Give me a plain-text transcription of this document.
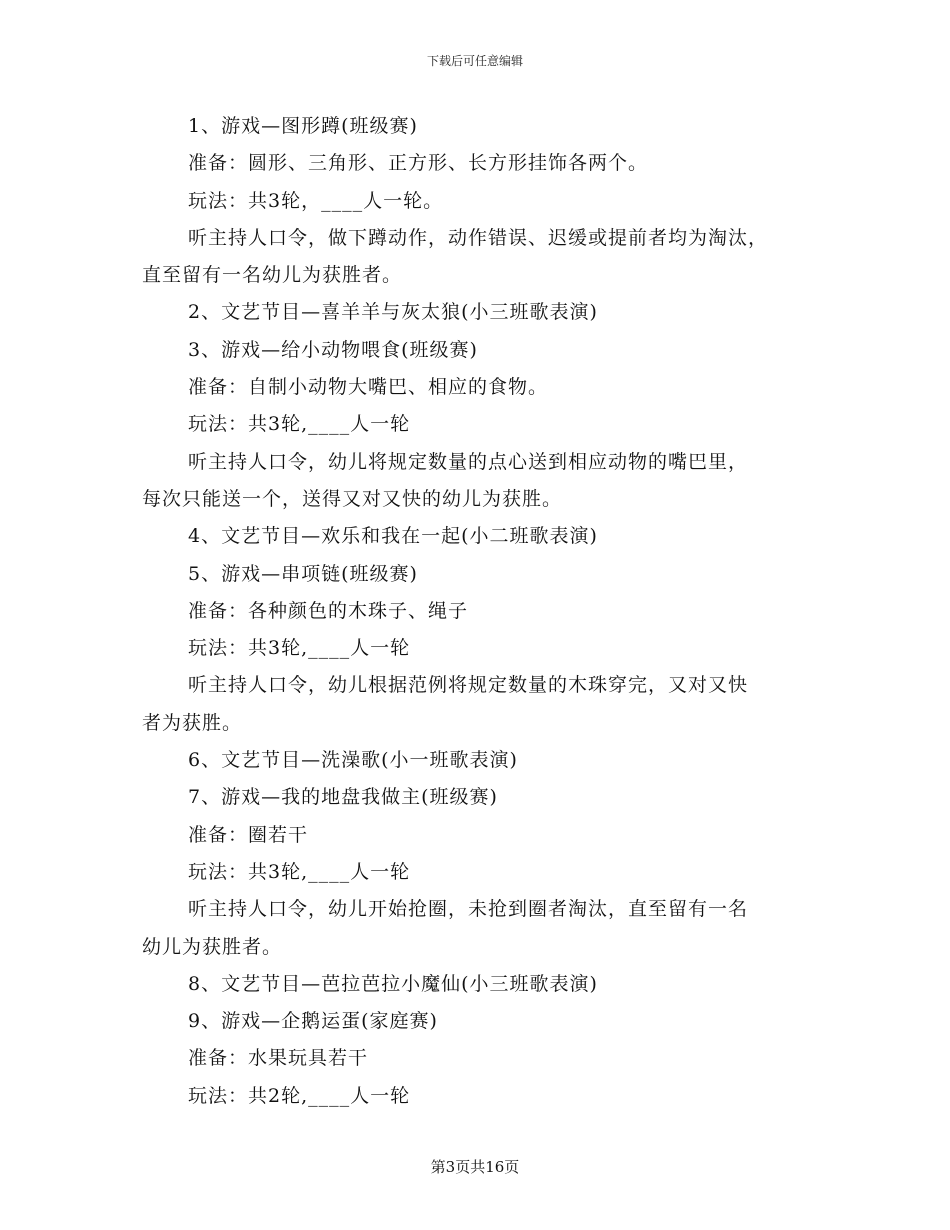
下载后可任意编辑
1、游戏—图形蹲(班级赛)
准备：圆形、三角形、正方形、长方形挂饰各两个。
玩法：共3轮，____人一轮。
听主持人口令，做下蹲动作，动作错误、迟缓或提前者均为淘汰，
直至留有一名幼儿为获胜者。
2、文艺节目—喜羊羊与灰太狼(小三班歌表演)
3、游戏—给小动物喂食(班级赛)
准备：自制小动物大嘴巴、相应的食物。
玩法：共3轮,____人一轮
听主持人口令，幼儿将规定数量的点心送到相应动物的嘴巴里，
每次只能送一个，送得又对又快的幼儿为获胜。
4、文艺节目—欢乐和我在一起(小二班歌表演)
5、游戏—串项链(班级赛)
准备：各种颜色的木珠子、绳子
玩法：共3轮,____人一轮
听主持人口令，幼儿根据范例将规定数量的木珠穿完，又对又快
者为获胜。
6、文艺节目—洗澡歌(小一班歌表演)
7、游戏—我的地盘我做主(班级赛)
准备：圈若干
玩法：共3轮,____人一轮
听主持人口令，幼儿开始抢圈，未抢到圈者淘汰，直至留有一名
幼儿为获胜者。
8、文艺节目—芭拉芭拉小魔仙(小三班歌表演)
9、游戏—企鹅运蛋(家庭赛)
准备：水果玩具若干
玩法：共2轮,____人一轮
第3页共16页
